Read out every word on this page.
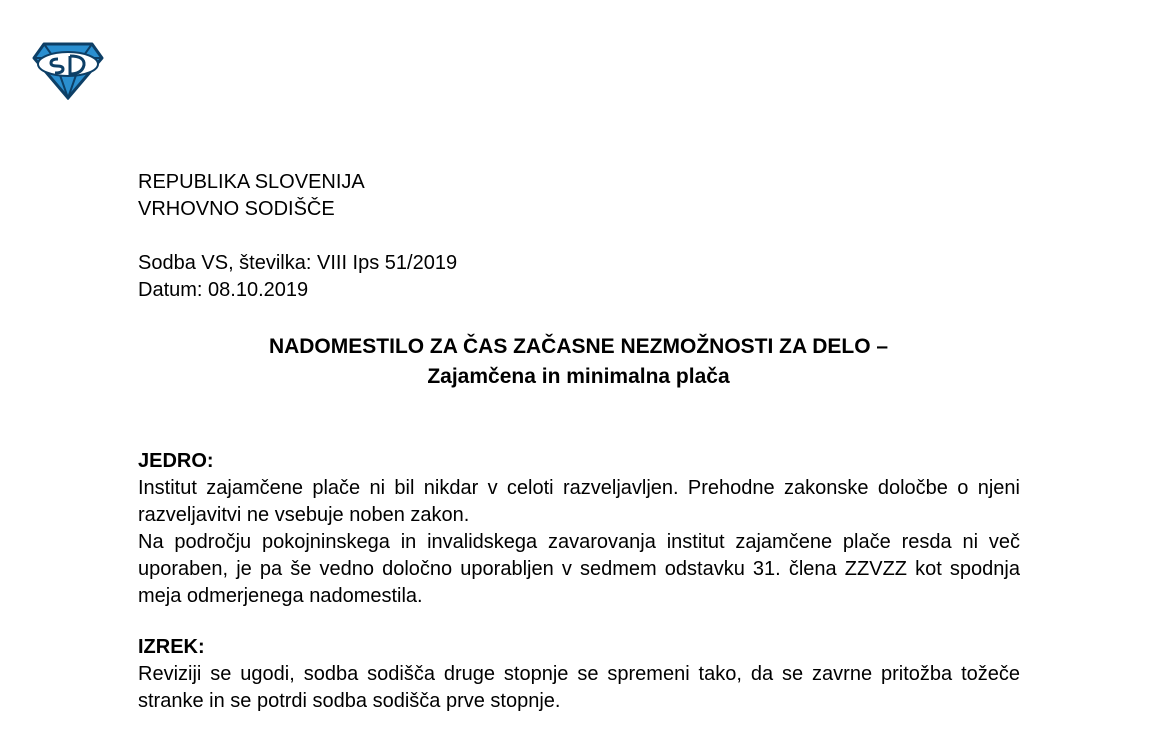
REPUBLIKA SLOVENIJA
VRHOVNO SODIŠČE
Sodba VS, številka: VIII Ips 51/2019
Datum: 08.10.2019
NADOMESTILO ZA ČAS ZAČASNE NEZMOŽNOSTI ZA DELO –
Zajamčena in minimalna plača
JEDRO:

Institut zajamčene plače ni bil nikdar v celoti razveljavljen. Prehodne zakonske določbe o njeni razveljavitvi ne vsebuje noben zakon.

Na področju pokojninskega in invalidskega zavarovanja institut zajamčene plače resda ni več uporaben, je pa še vedno določno uporabljen v sedmem odstavku 31. člena ZZVZZ kot spodnja meja odmerjenega nadomestila.

IZREK:

Reviziji se ugodi, sodba sodišča druge stopnje se spremeni tako, da se zavrne pritožba tožeče stranke in se potrdi sodba sodišča prve stopnje.
